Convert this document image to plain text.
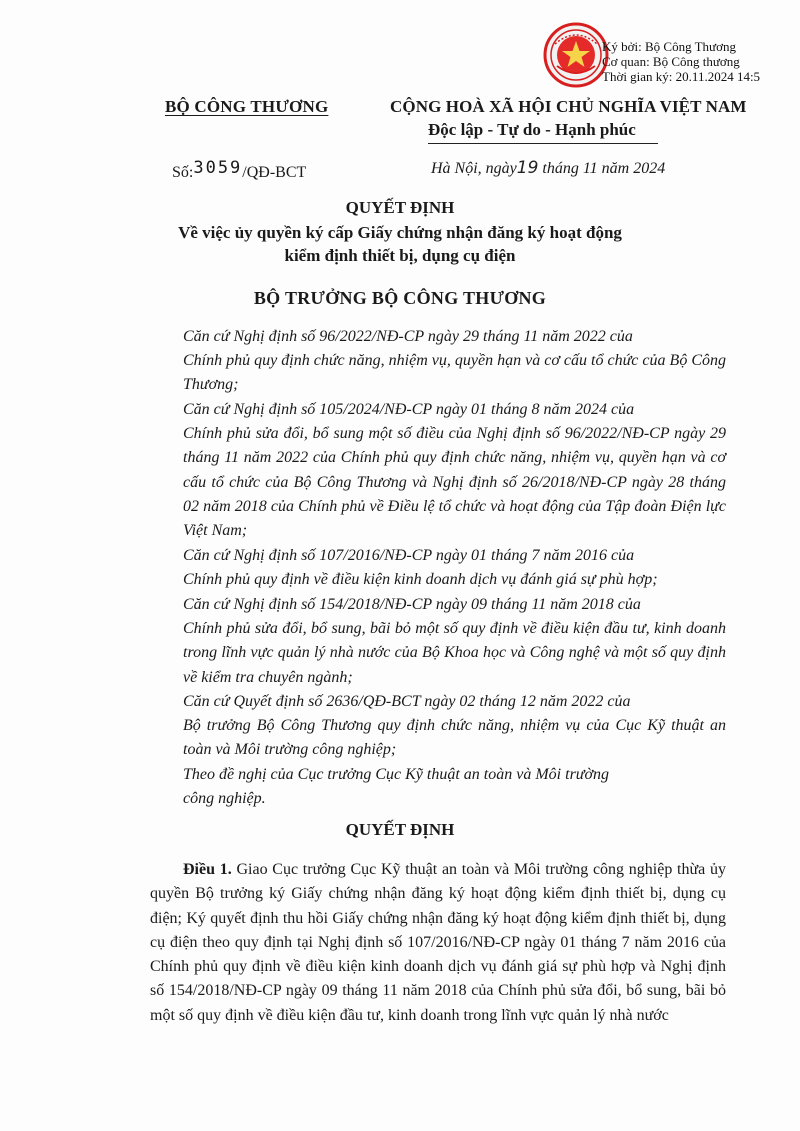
Ký bởi: Bộ Công Thương
Cơ quan: Bộ Công thương
Thời gian ký: 20.11.2024 14:5
BỘ CÔNG THƯƠNG	CỘNG HOÀ XÃ HỘI CHỦ NGHĨA VIỆT NAM
Độc lập - Tự do - Hạnh phúc
Số:3059/QĐ-BCT	Hà Nội, ngày19 tháng 11 năm 2024
QUYẾT ĐỊNH
Về việc ủy quyền ký cấp Giấy chứng nhận đăng ký hoạt động
kiểm định thiết bị, dụng cụ điện
BỘ TRƯỞNG BỘ CÔNG THƯƠNG
Căn cứ Nghị định số 96/2022/NĐ-CP ngày 29 tháng 11 năm 2022 của
Chính phủ quy định chức năng, nhiệm vụ, quyền hạn và cơ cấu tổ chức của Bộ Công Thương;
Căn cứ Nghị định số 105/2024/NĐ-CP ngày 01 tháng 8 năm 2024 của
Chính phủ sửa đổi, bổ sung một số điều của Nghị định số 96/2022/NĐ-CP ngày 29 tháng 11 năm 2022 của Chính phủ quy định chức năng, nhiệm vụ, quyền hạn và cơ cấu tổ chức của Bộ Công Thương và Nghị định số 26/2018/NĐ-CP ngày 28 tháng 02 năm 2018 của Chính phủ về Điều lệ tổ chức và hoạt động của Tập đoàn Điện lực Việt Nam;
Căn cứ Nghị định số 107/2016/NĐ-CP ngày 01 tháng 7 năm 2016 của
Chính phủ quy định về điều kiện kinh doanh dịch vụ đánh giá sự phù hợp;
Căn cứ Nghị định số 154/2018/NĐ-CP ngày 09 tháng 11 năm 2018 của
Chính phủ sửa đổi, bổ sung, bãi bỏ một số quy định về điều kiện đầu tư, kinh doanh trong lĩnh vực quản lý nhà nước của Bộ Khoa học và Công nghệ và một số quy định về kiểm tra chuyên ngành;
Căn cứ Quyết định số 2636/QĐ-BCT ngày 02 tháng 12 năm 2022 của
Bộ trưởng Bộ Công Thương quy định chức năng, nhiệm vụ của Cục Kỹ thuật an toàn và Môi trường công nghiệp;
Theo đề nghị của Cục trưởng Cục Kỹ thuật an toàn và Môi trường
công nghiệp.
QUYẾT ĐỊNH
Điều 1. Giao Cục trưởng Cục Kỹ thuật an toàn và Môi trường công nghiệp thừa ủy quyền Bộ trưởng ký Giấy chứng nhận đăng ký hoạt động kiểm định thiết bị, dụng cụ điện; Ký quyết định thu hồi Giấy chứng nhận đăng ký hoạt động kiểm định thiết bị, dụng cụ điện theo quy định tại Nghị định số 107/2016/NĐ-CP ngày 01 tháng 7 năm 2016 của Chính phủ quy định về điều kiện kinh doanh dịch vụ đánh giá sự phù hợp và Nghị định số 154/2018/NĐ-CP ngày 09 tháng 11 năm 2018 của Chính phủ sửa đổi, bổ sung, bãi bỏ một số quy định về điều kiện đầu tư, kinh doanh trong lĩnh vực quản lý nhà nước
